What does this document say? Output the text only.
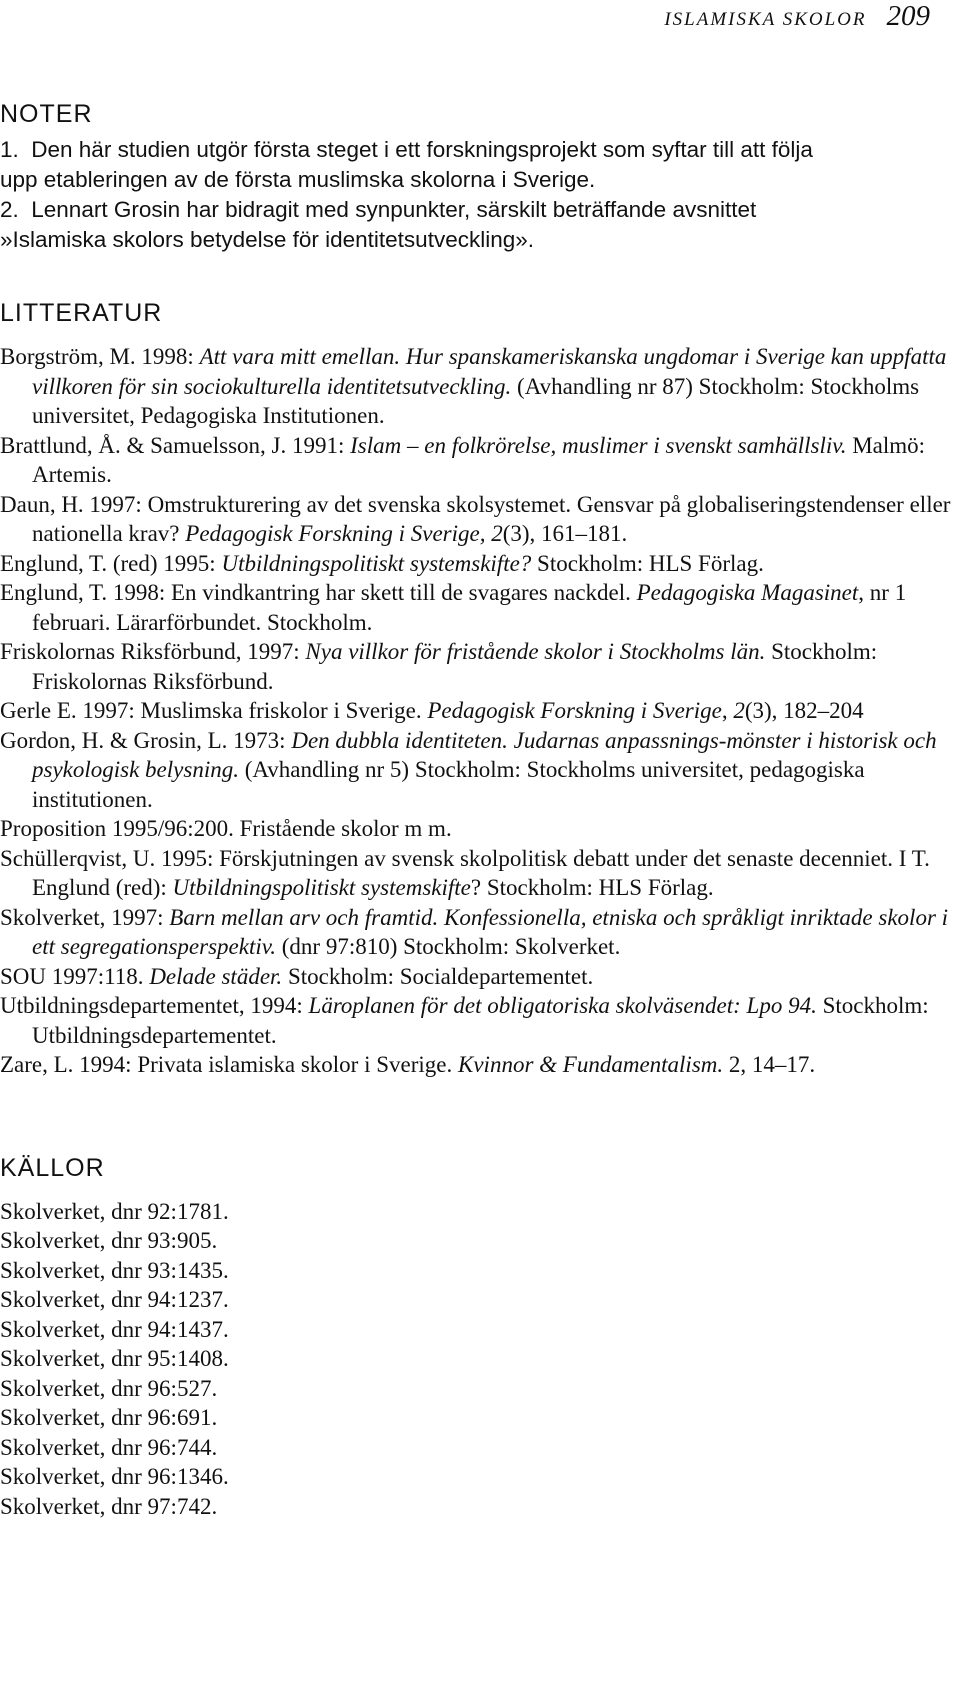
ISLAMISKA SKOLOR 209
NOTER
1.  Den här studien utgör första steget i ett forskningsprojekt som syftar till att följa
upp etableringen av de första muslimska skolorna i Sverige.
2.  Lennart Grosin har bidragit med synpunkter, särskilt beträffande avsnittet
»Islamiska skolors betydelse för identitetsutveckling».
LITTERATUR

Borgström, M. 1998: Att vara mitt emellan. Hur spanskameriskanska ungdomar i Sverige kan uppfatta villkoren för sin sociokulturella identitetsutveckling. (Avhandling nr 87) Stockholm: Stockholms universitet, Pedagogiska Institutionen.

Brattlund, Å. & Samuelsson, J. 1991: Islam – en folkrörelse, muslimer i svenskt samhällsliv. Malmö: Artemis.

Daun, H. 1997: Omstrukturering av det svenska skolsystemet. Gensvar på globaliseringstendenser eller nationella krav? Pedagogisk Forskning i Sverige, 2(3), 161–181.

Englund, T. (red) 1995: Utbildningspolitiskt systemskifte? Stockholm: HLS Förlag.

Englund, T. 1998: En vindkantring har skett till de svagares nackdel. Pedagogiska Magasinet, nr 1 februari. Lärarförbundet. Stockholm.

Friskolornas Riksförbund, 1997: Nya villkor för fristående skolor i Stockholms län. Stockholm: Friskolornas Riksförbund.

Gerle E. 1997: Muslimska friskolor i Sverige. Pedagogisk Forskning i Sverige, 2(3), 182–204

Gordon, H. & Grosin, L. 1973: Den dubbla identiteten. Judarnas anpassnings-mönster i historisk och psykologisk belysning. (Avhandling nr 5) Stockholm: Stockholms universitet, pedagogiska institutionen.

Proposition 1995/96:200. Fristående skolor m m.

Schüllerqvist, U. 1995: Förskjutningen av svensk skolpolitisk debatt under det senaste decenniet. I T. Englund (red): Utbildningspolitiskt systemskifte? Stockholm: HLS Förlag.

Skolverket, 1997: Barn mellan arv och framtid. Konfessionella, etniska och språkligt inriktade skolor i ett segregationsperspektiv. (dnr 97:810) Stockholm: Skolverket.

SOU 1997:118. Delade städer. Stockholm: Socialdepartementet.

Utbildningsdepartementet, 1994: Läroplanen för det obligatoriska skolväsendet: Lpo 94. Stockholm: Utbildningsdepartementet.

Zare, L. 1994: Privata islamiska skolor i Sverige. Kvinnor & Fundamentalism. 2, 14–17.

KÄLLOR
Skolverket, dnr 92:1781.
Skolverket, dnr 93:905.
Skolverket, dnr 93:1435.
Skolverket, dnr 94:1237.
Skolverket, dnr 94:1437.
Skolverket, dnr 95:1408.
Skolverket, dnr 96:527.
Skolverket, dnr 96:691.
Skolverket, dnr 96:744.
Skolverket, dnr 96:1346.
Skolverket, dnr 97:742.
